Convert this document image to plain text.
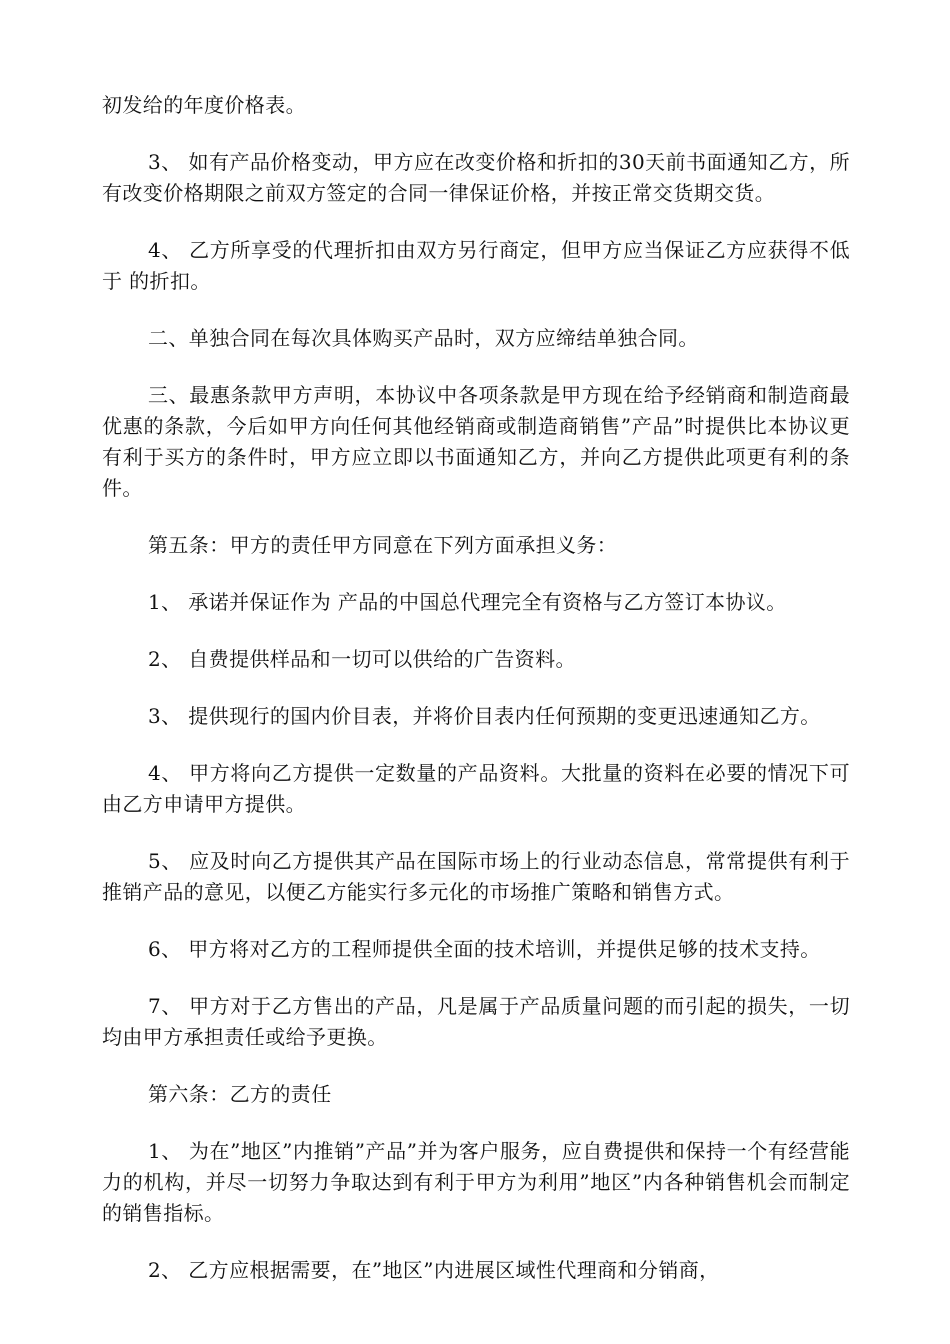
初发给的年度价格表。

3、 如有产品价格变动，甲方应在改变价格和折扣的30天前书面通知乙方，所有改变价格期限之前双方签定的合同一律保证价格，并按正常交货期交货。

4、 乙方所享受的代理折扣由双方另行商定，但甲方应当保证乙方应获得不低于 的折扣。

二、单独合同在每次具体购买产品时，双方应缔结单独合同。

三、最惠条款甲方声明，本协议中各项条款是甲方现在给予经销商和制造商最优惠的条款，今后如甲方向任何其他经销商或制造商销售”产品”时提供比本协议更有利于买方的条件时，甲方应立即以书面通知乙方，并向乙方提供此项更有利的条件。

第五条：甲方的责任甲方同意在下列方面承担义务：

1、 承诺并保证作为 产品的中国总代理完全有资格与乙方签订本协议。

2、 自费提供样品和一切可以供给的广告资料。

3、 提供现行的国内价目表，并将价目表内任何预期的变更迅速通知乙方。

4、 甲方将向乙方提供一定数量的产品资料。大批量的资料在必要的情况下可由乙方申请甲方提供。

5、 应及时向乙方提供其产品在国际市场上的行业动态信息，常常提供有利于推销产品的意见，以便乙方能实行多元化的市场推广策略和销售方式。

6、 甲方将对乙方的工程师提供全面的技术培训，并提供足够的技术支持。

7、 甲方对于乙方售出的产品，凡是属于产品质量问题的而引起的损失，一切均由甲方承担责任或给予更换。

第六条：乙方的责任

1、 为在”地区”内推销”产品”并为客户服务，应自费提供和保持一个有经营能力的机构，并尽一切努力争取达到有利于甲方为利用”地区”内各种销售机会而制定的销售指标。

2、 乙方应根据需要，在”地区”内进展区域性代理商和分销商，
